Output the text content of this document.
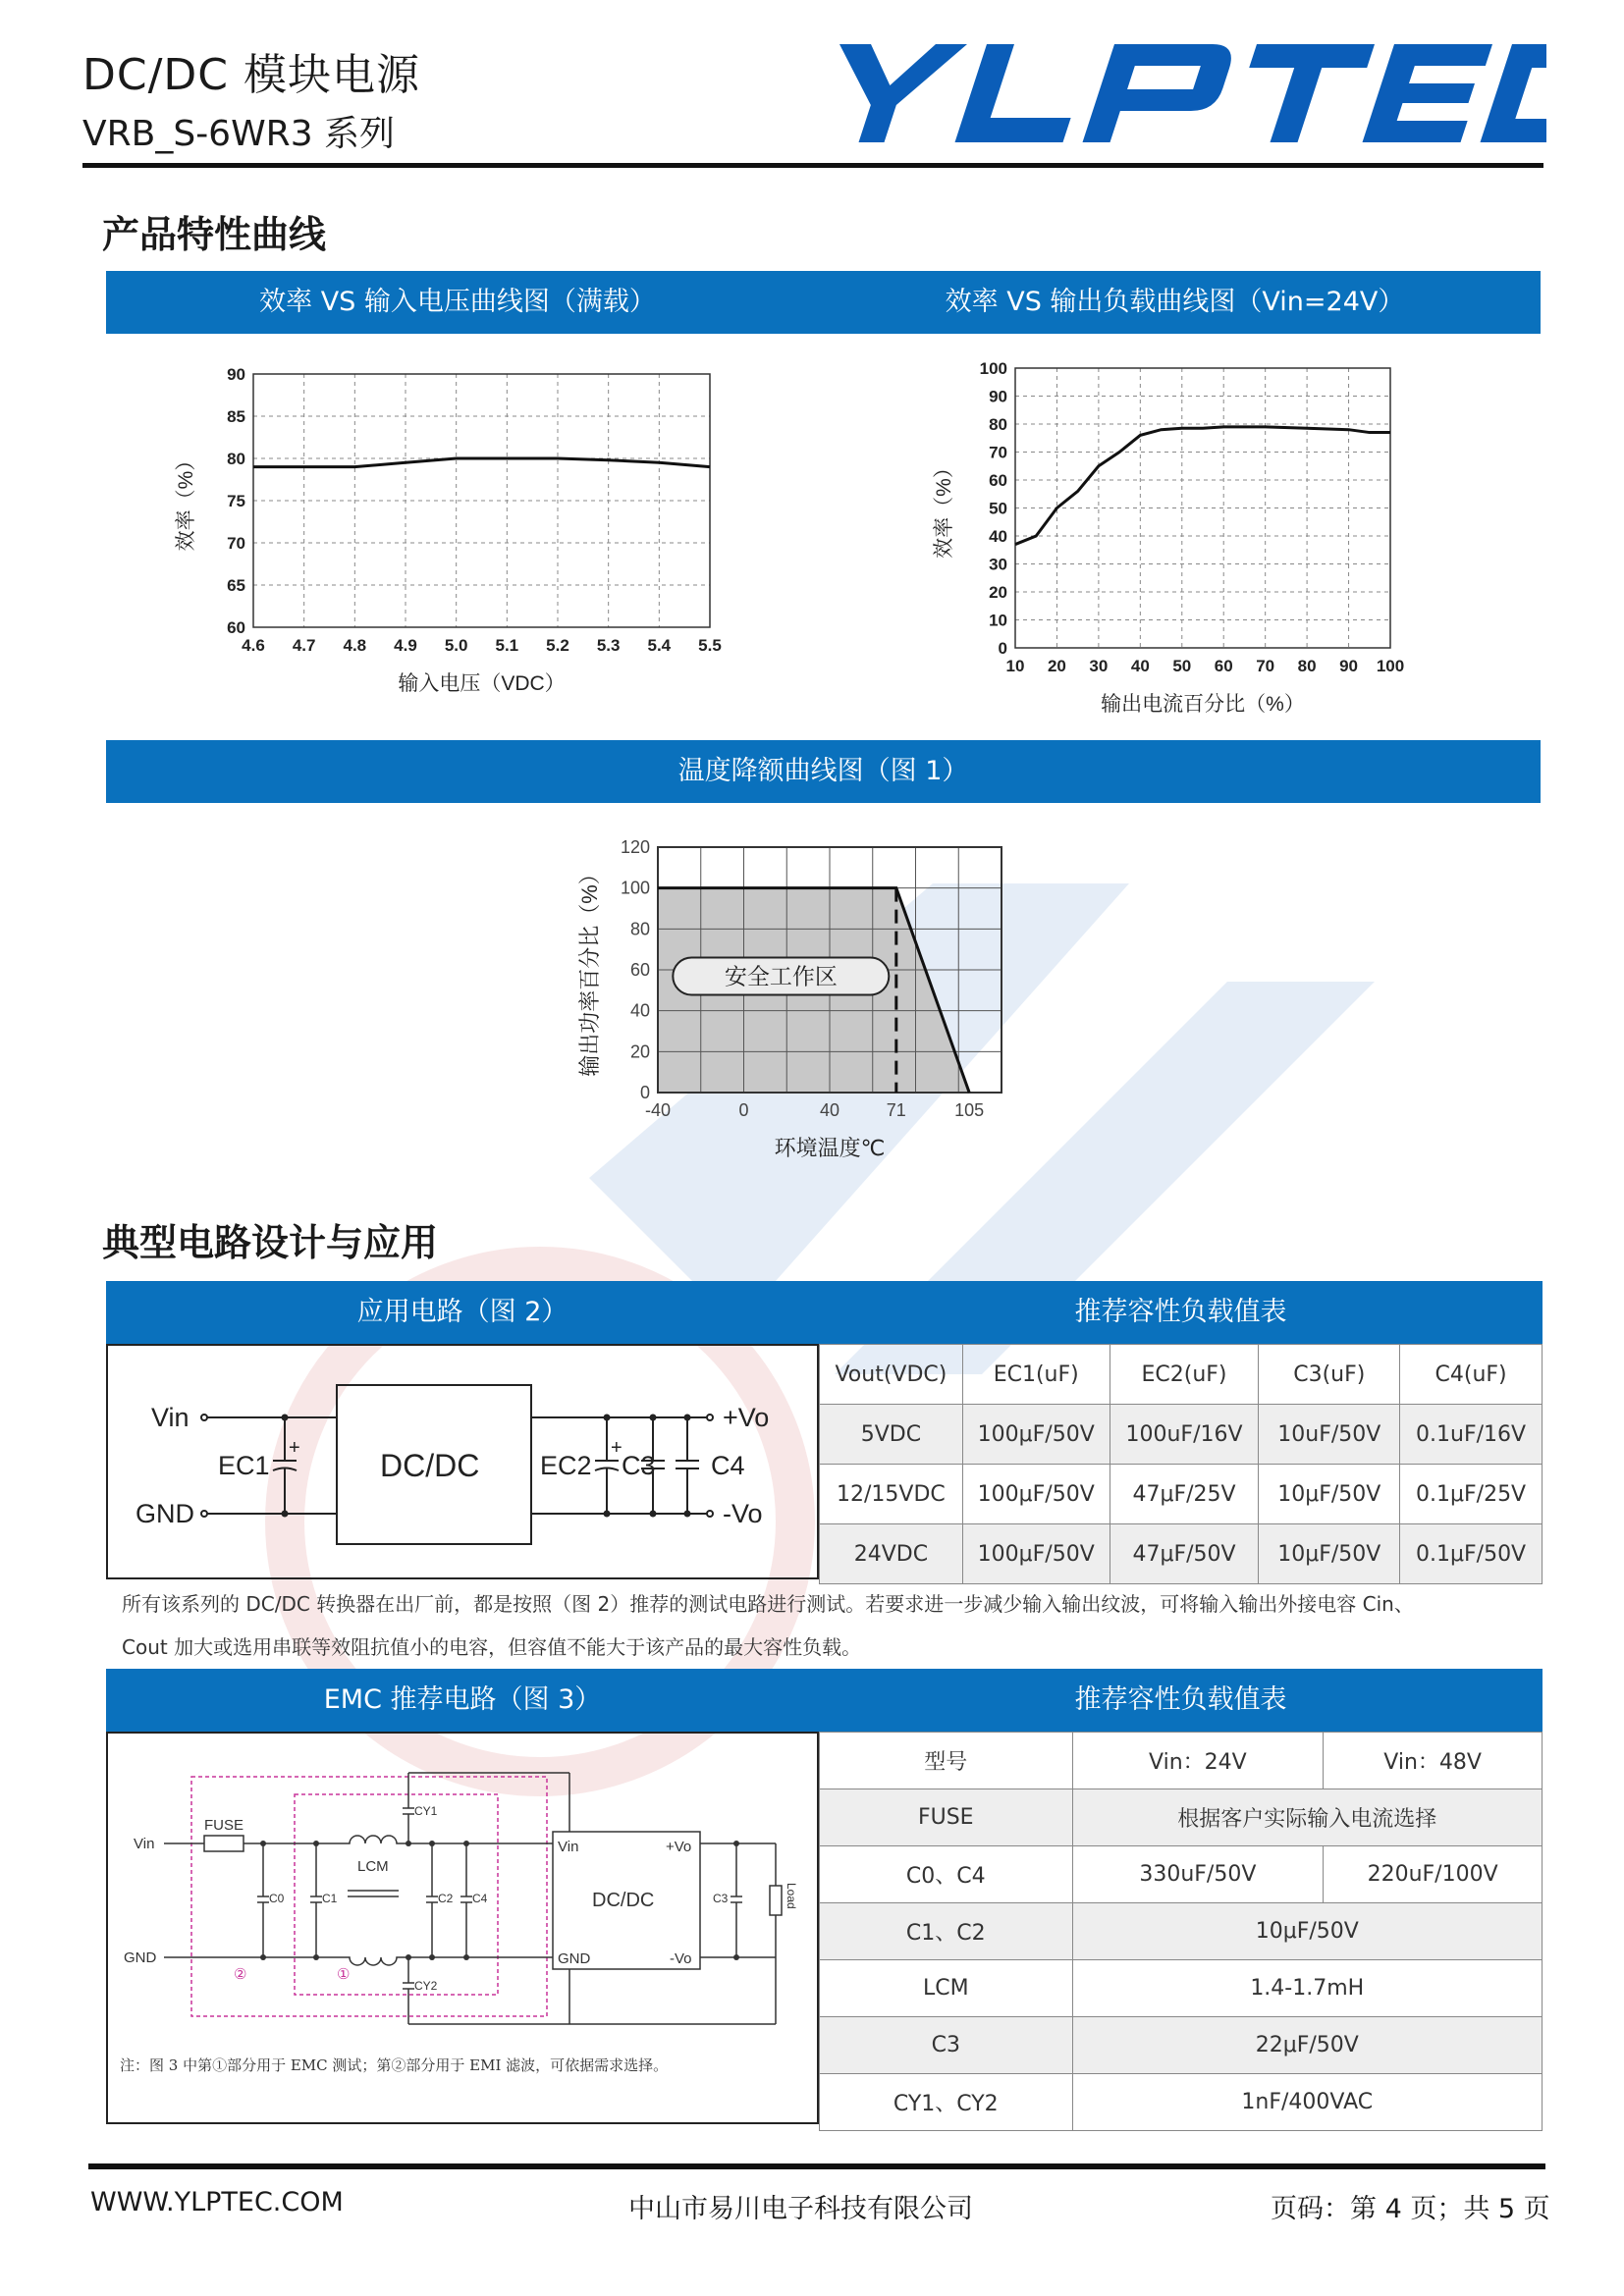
DC/DC 模块电源
VRB_S-6WR3 系列
产品特性曲线
效率 VS 输入电压曲线图（满载）	效率 VS 输出负载曲线图（Vin=24V）
4.6 4.7 4.8 4.9 5.0 5.1 5.2 5.3 5.4 5.5
60
65
70
75
80
85
90
输入电压（VDC）
效率（%）
10 20 30 40 50 60 70 80 90 100
0
10
20
30
40
50
60
70
80
90
100
输出电流百分比（%）
效率（%）
温度降额曲线图（图 1）
-40	0	40	71	105
0
20
40
60
80
100
120
环境温度℃
输出功率百分比（%）	安全工作区
典型电路设计与应用
应用电路（图 2）	推荐容性负载值表
Vin
GND
EC1
+	DC/DC EC2
+
C3 C4
+Vo
-Vo
Vout(VDC)	EC1(uF)	EC2(uF)	C3(uF)	C4(uF)
5VDC	100μF/50V	100uF/16V	10uF/50V	0.1uF/16V
12/15VDC	100μF/50V	47μF/25V	10μF/50V	0.1μF/25V
24VDC	100μF/50V	47μF/50V	10μF/50V	0.1μF/50V
所有该系列的 DC/DC 转换器在出厂前，都是按照（图 2）推荐的测试电路进行测试。若要求进一步减少输入输出纹波，可将输入输出外接电容 Cin、
Cout 加大或选用串联等效阻抗值小的电容，但容值不能大于该产品的最大容性负载。
EMC 推荐电路（图 3）	推荐容性负载值表
Vin
GND
FUSE
C0	C1
LCM
C2 C4
CY1
CY2
Vin	+Vo
GND	-Vo
DC/DC	C3	Load
①
②
注：图 3 中第①部分用于 EMC 测试；第②部分用于 EMI 滤波，可依据需求选择。
型号	Vin：24V	Vin：48V
FUSE	根据客户实际输入电流选择	
C0、C4	330uF/50V	220uF/100V
C1、C2	10μF/50V	
LCM	1.4-1.7mH	
C3	22μF/50V	
CY1、CY2	1nF/400VAC	
WWW.YLPTEC.COM	中山市易川电子科技有限公司	页码：第 4 页；共 5 页
